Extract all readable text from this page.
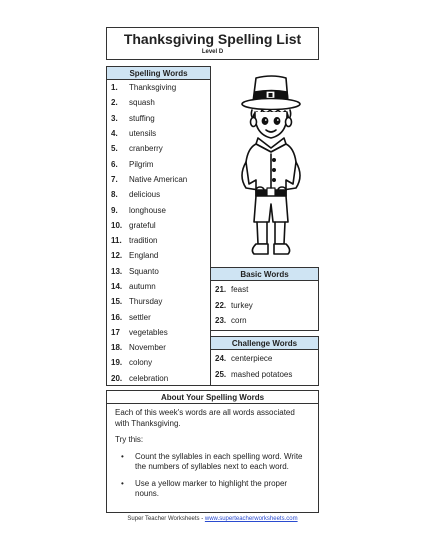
Thanksgiving Spelling List
Level D
Spelling Words
1.	Thanksgiving
2.	squash
3.	stuffing
4.	utensils
5.	cranberry
6.	Pilgrim
7.	Native American
8.	delicious
9.	longhouse
10. grateful
11. tradition
12. England
13. Squanto
14. autumn
15. Thursday
16. settler
17	vegetables
18. November
19. colony
20. celebration
Basic Words
21. feast
22. turkey
23. corn
Challenge Words
24. centerpiece
25. mashed potatoes
About Your Spelling Words

Each of this week's words are all words associated with Thanksgiving.

Try this:

•	Count the syllables in each spelling word. Write the numbers of syllables next to each word.
•	Use a yellow marker to highlight the proper nouns.
Super Teacher Worksheets - www.superteacherworksheets.com
